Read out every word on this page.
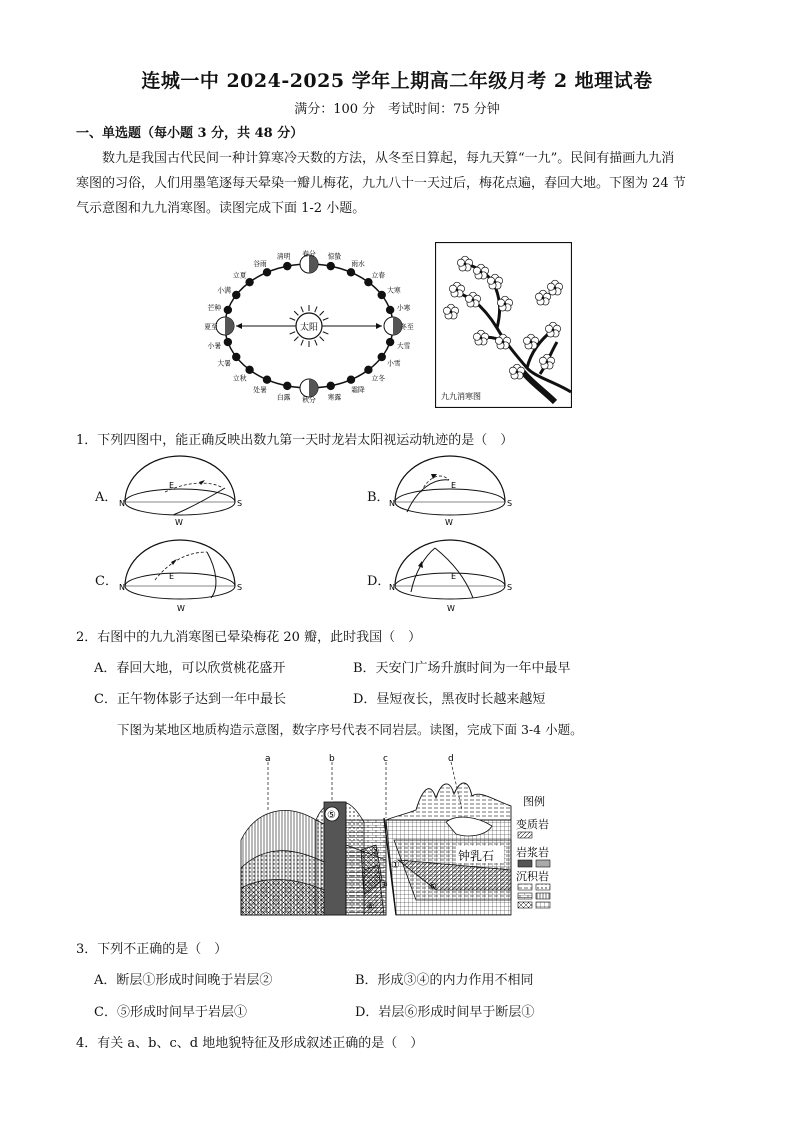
连城一中 2024-2025 学年上期高二年级月考 2 地理试卷
满分：100 分　考试时间：75 分钟
一、单选题（每小题 3 分，共 48 分）
数九是我国古代民间一种计算寒冷天数的方法，从冬至日算起，每九天算“一九”。民间有描画九九消
寒图的习俗，人们用墨笔逐每天晕染一瓣儿梅花，九九八十一天过后，梅花点遍，春回大地。下图为 24 节
气示意图和九九消寒图。读图完成下面 1-2 小题。
太阳
春分 惊蛰
雨水
立春
大寒
小寒
冬至
大雪
小雪
立冬
霜降
寒露
秋分
白露
处暑
立秋
大暑
小暑
夏至
芒种
小满
立夏
谷雨
清明
九九消寒图
1．下列四图中，能正确反映出数九第一天时龙岩太阳视运动轨迹的是（　）
A．	B．
C．	D．
N	S
E
W
N	S
E
W
N	S
E
W
N	S
E
W
2．右图中的九九消寒图已晕染梅花 20 瓣，此时我国（　）
A．春回大地，可以欣赏桃花盛开	B．天安门广场升旗时间为一年中最早
C．正午物体影子达到一年中最长	D．昼短夜长，黑夜时长越来越短
下图为某地区地质构造示意图，数字序号代表不同岩层。读图，完成下面 3-4 小题。
a	b	c	d
⑤
②
③
④
⑥
①
钟乳石
图例
变质岩
岩浆岩
沉积岩
3．下列不正确的是（　）
A．断层①形成时间晚于岩层②	B．形成③④的内力作用不相同
C．⑤形成时间早于岩层①	D．岩层⑥形成时间早于断层①
4．有关 a、b、c、d 地地貌特征及形成叙述正确的是（　）
